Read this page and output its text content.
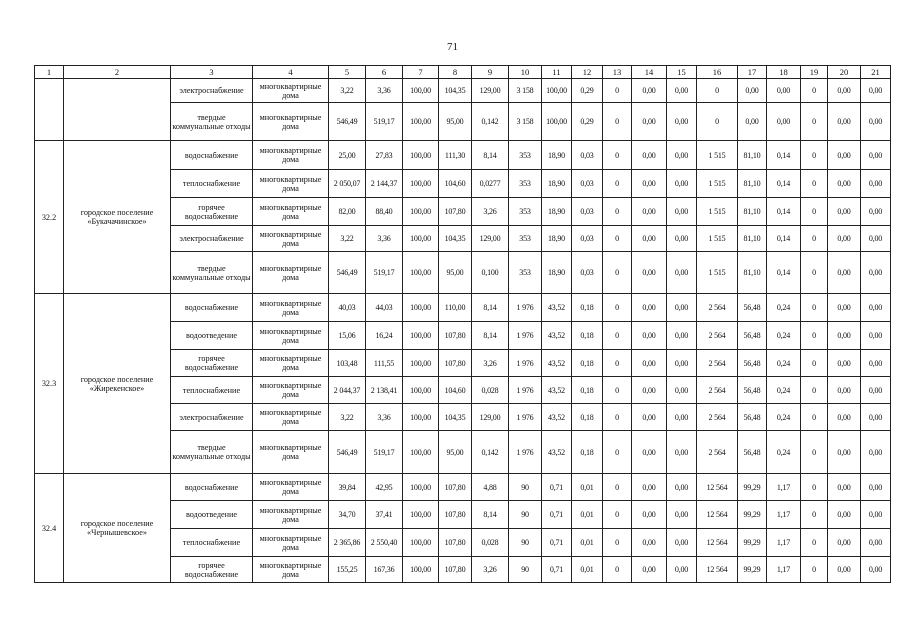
71
1	2	3	4	5	6	7	8	9	10	11	12	13	14	15	16	17	18	19	20	21
		электроснабжение	многоквартирные дома	3,22	3,36	100,00	104,35	129,00	3 158	100,00	0,29	0	0,00	0,00	0	0,00	0,00	0	0,00	0,00
		твердые коммунальные отходы	многоквартирные дома	546,49	519,17	100,00	95,00	0,142	3 158	100,00	0,29	0	0,00	0,00	0	0,00	0,00	0	0,00	0,00
32.2	городское поселение «Букачачинское»	водоснабжение	многоквартирные дома	25,00	27,83	100,00	111,30	8,14	353	18,90	0,03	0	0,00	0,00	1 515	81,10	0,14	0	0,00	0,00
		теплоснабжение	многоквартирные дома	2 050,07	2 144,37	100,00	104,60	0,0277	353	18,90	0,03	0	0,00	0,00	1 515	81,10	0,14	0	0,00	0,00
		горячее водоснабжение	многоквартирные дома	82,00	88,40	100,00	107,80	3,26	353	18,90	0,03	0	0,00	0,00	1 515	81,10	0,14	0	0,00	0,00
		электроснабжение	многоквартирные дома	3,22	3,36	100,00	104,35	129,00	353	18,90	0,03	0	0,00	0,00	1 515	81,10	0,14	0	0,00	0,00
		твердые коммунальные отходы	многоквартирные дома	546,49	519,17	100,00	95,00	0,100	353	18,90	0,03	0	0,00	0,00	1 515	81,10	0,14	0	0,00	0,00
32.3	городское поселение «Жирекенское»	водоснабжение	многоквартирные дома	40,03	44,03	100,00	110,00	8,14	1 976	43,52	0,18	0	0,00	0,00	2 564	56,48	0,24	0	0,00	0,00
		водоотведение	многоквартирные дома	15,06	16,24	100,00	107,80	8,14	1 976	43,52	0,18	0	0,00	0,00	2 564	56,48	0,24	0	0,00	0,00
		горячее водоснабжение	многоквартирные дома	103,48	111,55	100,00	107,80	3,26	1 976	43,52	0,18	0	0,00	0,00	2 564	56,48	0,24	0	0,00	0,00
		теплоснабжение	многоквартирные дома	2 044,37	2 138,41	100,00	104,60	0,028	1 976	43,52	0,18	0	0,00	0,00	2 564	56,48	0,24	0	0,00	0,00
		электроснабжение	многоквартирные дома	3,22	3,36	100,00	104,35	129,00	1 976	43,52	0,18	0	0,00	0,00	2 564	56,48	0,24	0	0,00	0,00
		твердые коммунальные отходы	многоквартирные дома	546,49	519,17	100,00	95,00	0,142	1 976	43,52	0,18	0	0,00	0,00	2 564	56,48	0,24	0	0,00	0,00
32.4	городское поселение «Чернышевское»	водоснабжение	многоквартирные дома	39,84	42,95	100,00	107,80	4,88	90	0,71	0,01	0	0,00	0,00	12 564	99,29	1,17	0	0,00	0,00
		водоотведение	многоквартирные дома	34,70	37,41	100,00	107,80	8,14	90	0,71	0,01	0	0,00	0,00	12 564	99,29	1,17	0	0,00	0,00
		теплоснабжение	многоквартирные дома	2 365,86	2 550,40	100,00	107,80	0,028	90	0,71	0,01	0	0,00	0,00	12 564	99,29	1,17	0	0,00	0,00
		горячее водоснабжение	многоквартирные дома	155,25	167,36	100,00	107,80	3,26	90	0,71	0,01	0	0,00	0,00	12 564	99,29	1,17	0	0,00	0,00
